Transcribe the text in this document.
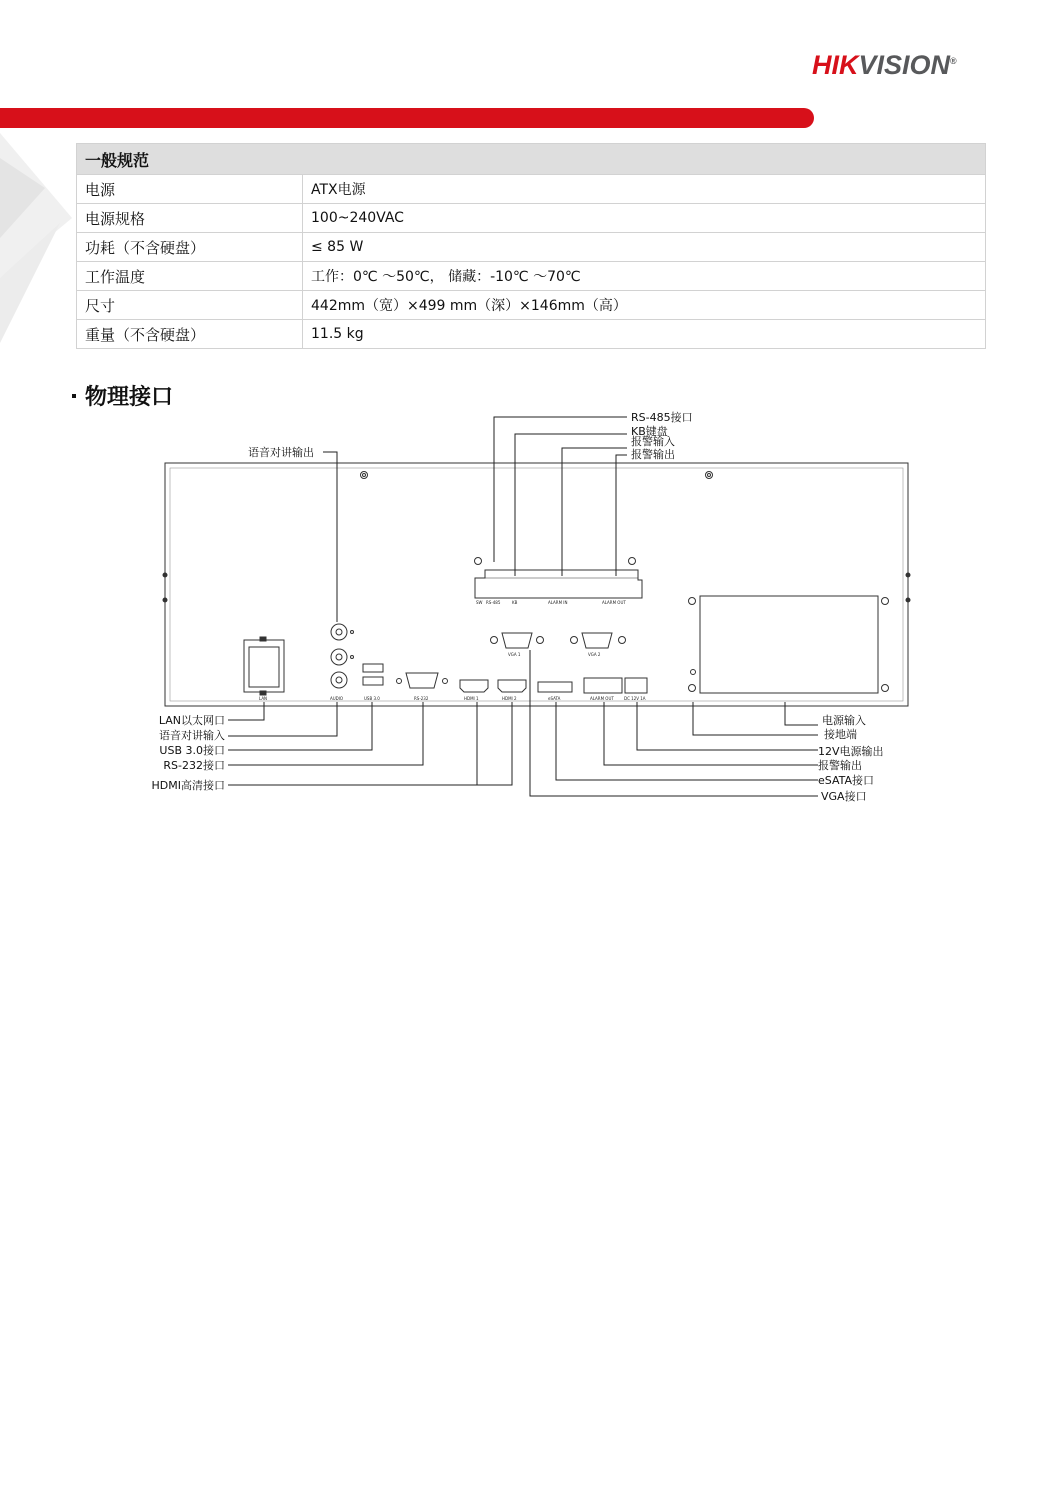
HIKVISION®
一般规范	
电源	ATX电源
电源规格	100~240VAC
功耗（不含硬盘）	≤ 85 W
工作温度	工作：0℃ ～50℃， 储藏：-10℃ ～70℃
尺寸	442mm（宽）×499 mm（深）×146mm（高）
重量（不含硬盘）	11.5 kg
物理接口
LAN	AUDIO	USB 3.0	RS-232	HDMI 1	HDMI 2	eSATA	ALARM OUT	DC 12V 1A
VGA 1	VGA 2
SW RS-485	KB	ALARM IN	ALARM OUT
RS-485接口
KB键盘
报警输入
报警输出
语音对讲输出
LAN以太网口
语音对讲输入
USB 3.0接口
RS-232接口
HDMI高清接口
电源输入
接地端
12V电源输出
报警输出
eSATA接口
VGA接口
